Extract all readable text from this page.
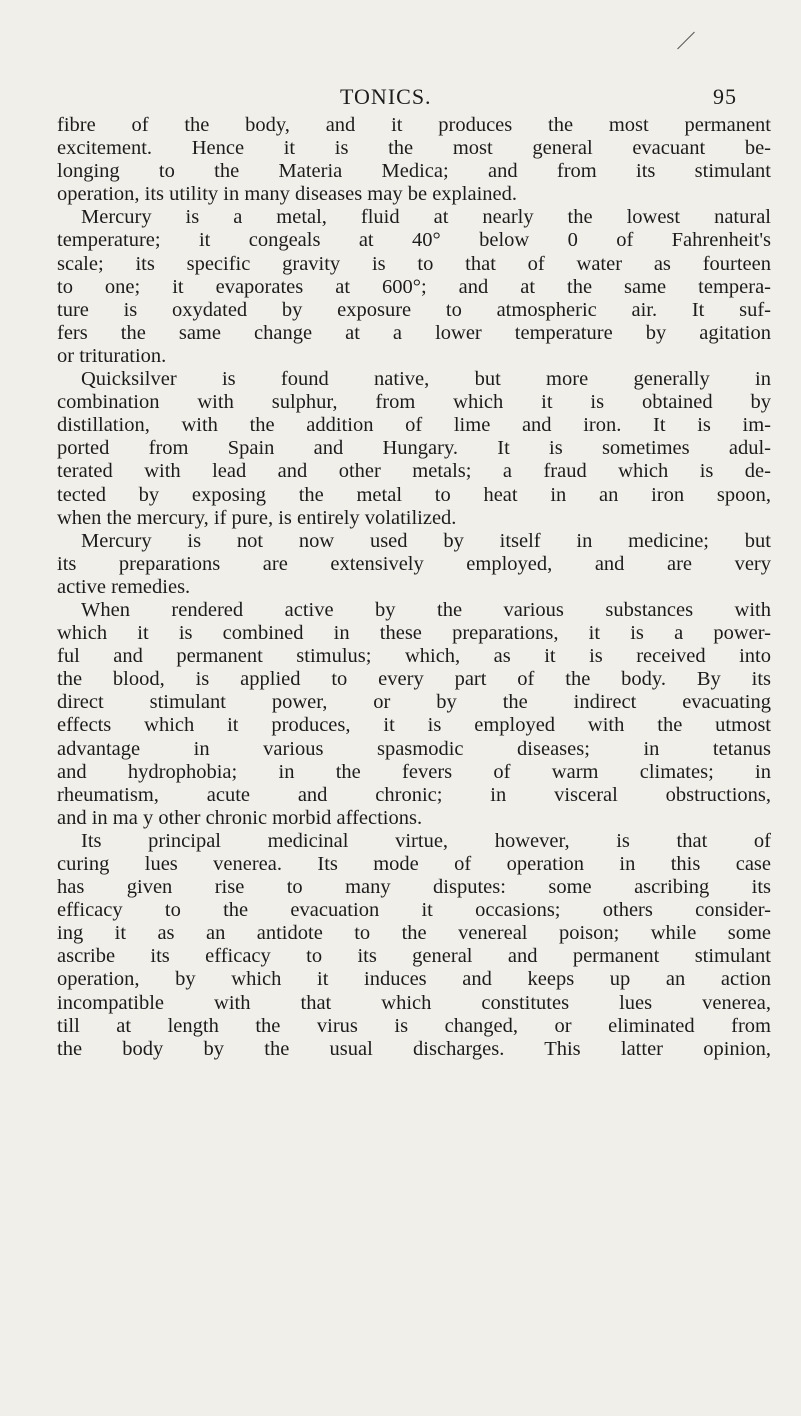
TONICS.	95
fibre of the body, and it produces the most permanent
excitement. Hence it is the most general evacuant be-
longing to the Materia Medica; and from its stimulant
operation, its utility in many diseases may be explained.
Mercury is a metal, fluid at nearly the lowest natural
temperature; it congeals at 40° below 0 of Fahrenheit's
scale; its specific gravity is to that of water as fourteen
to one; it evaporates at 600°; and at the same tempera-
ture is oxydated by exposure to atmospheric air. It suf-
fers the same change at a lower temperature by agitation
or trituration.
Quicksilver is found native, but more generally in
combination with sulphur, from which it is obtained by
distillation, with the addition of lime and iron. It is im-
ported from Spain and Hungary. It is sometimes adul-
terated with lead and other metals; a fraud which is de-
tected by exposing the metal to heat in an iron spoon,
when the mercury, if pure, is entirely volatilized.
Mercury is not now used by itself in medicine; but
its preparations are extensively employed, and are very
active remedies.
When rendered active by the various substances with
which it is combined in these preparations, it is a power-
ful and permanent stimulus; which, as it is received into
the blood, is applied to every part of the body. By its
direct stimulant power, or by the indirect evacuating
effects which it produces, it is employed with the utmost
advantage in various spasmodic diseases; in tetanus
and hydrophobia; in the fevers of warm climates; in
rheumatism, acute and chronic; in visceral obstructions,
and in ma y other chronic morbid affections.
Its principal medicinal virtue, however, is that of
curing lues venerea. Its mode of operation in this case
has given rise to many disputes: some ascribing its
efficacy to the evacuation it occasions; others consider-
ing it as an antidote to the venereal poison; while some
ascribe its efficacy to its general and permanent stimulant
operation, by which it induces and keeps up an action
incompatible with that which constitutes lues venerea,
till at length the virus is changed, or eliminated from
the body by the usual discharges. This latter opinion,
